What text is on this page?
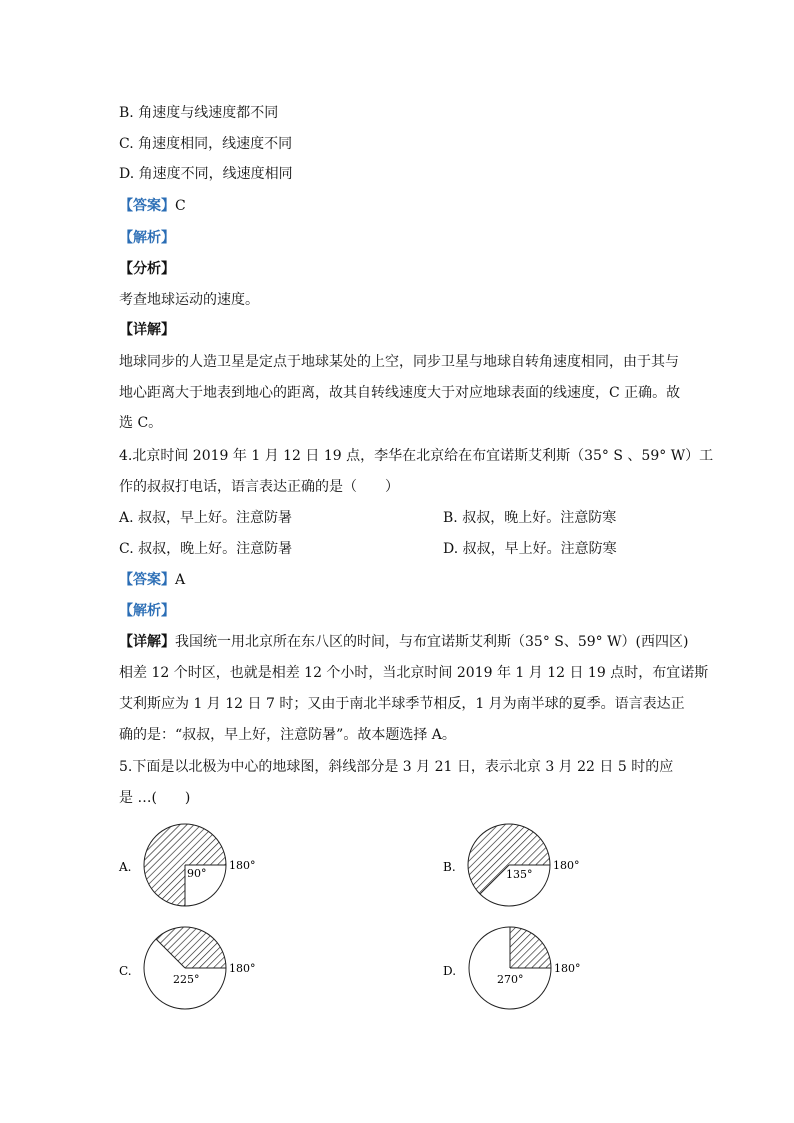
B. 角速度与线速度都不同
C. 角速度相同，线速度不同
D. 角速度不同，线速度相同
【答案】C
【解析】
【分析】
考查地球运动的速度。
【详解】
地球同步的人造卫星是定点于地球某处的上空，同步卫星与地球自转角速度相同，由于其与
地心距离大于地表到地心的距离，故其自转线速度大于对应地球表面的线速度，C 正确。故
选 C。
4.北京时间 2019 年 1 月 12 日 19 点，李华在北京给在布宜诺斯艾利斯（35° S 、59° W）工
作的叔叔打电话，语言表达正确的是（　　）
A. 叔叔，早上好。注意防暑	B. 叔叔，晚上好。注意防寒
C. 叔叔，晚上好。注意防暑	D. 叔叔，早上好。注意防寒
【答案】A
【解析】
【详解】我国统一用北京所在东八区的时间，与布宜诺斯艾利斯（35° S、59° W）(西四区)
相差 12 个时区，也就是相差 12 个小时，当北京时间 2019 年 1 月 12 日 19 点时，布宜诺斯
艾利斯应为 1 月 12 日 7 时；又由于南北半球季节相反，1 月为南半球的夏季。语言表达正
确的是：“叔叔，早上好，注意防暑”。故本题选择 A。
5.下面是以北极为中心的地球图，斜线部分是 3 月 21 日，表示北京 3 月 22 日 5 时的应
是 …(　　)
A.	90°
180°	B.
135°
180°
C.
225°
180°	D.
270°
180°
